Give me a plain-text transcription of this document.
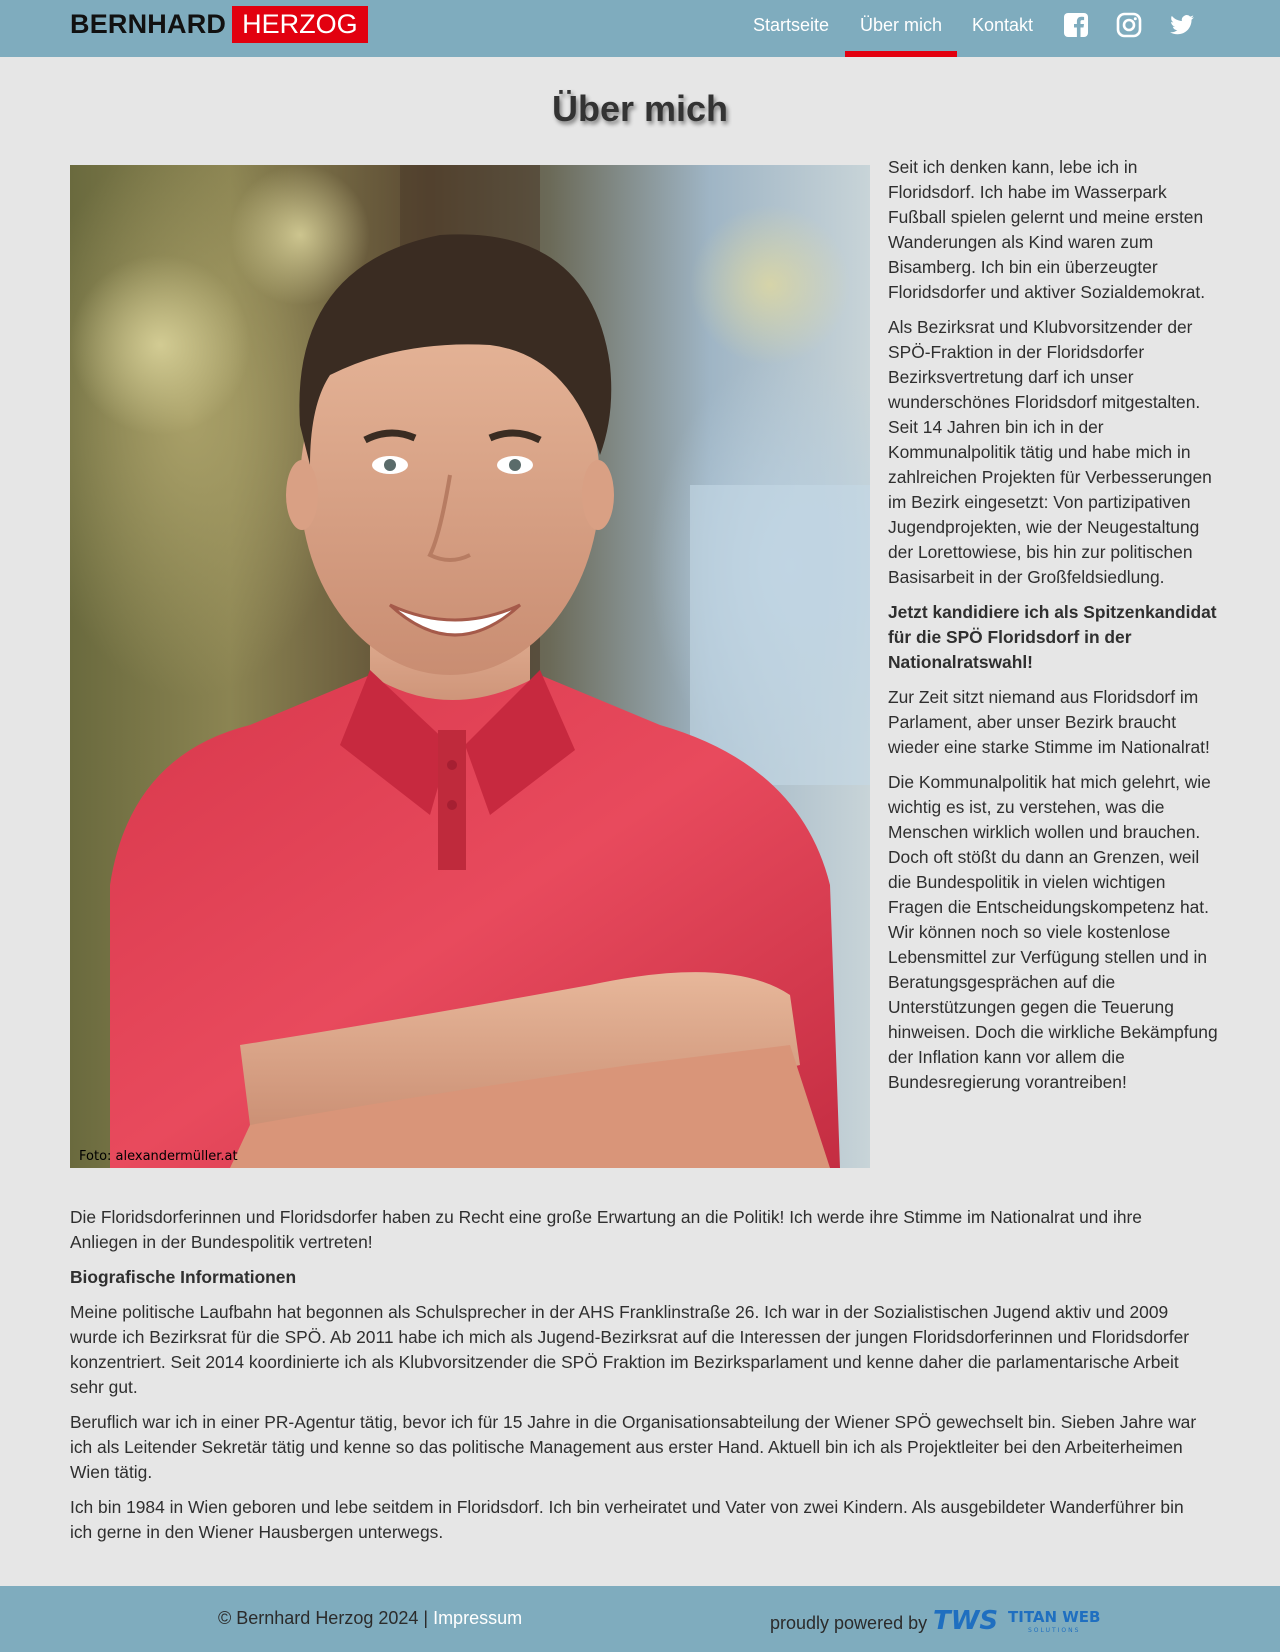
BERNHARD HERZOG	Startseite	Über mich	Kontakt
Über mich
Foto: alexandermüller.at

Seit ich denken kann, lebe ich in Floridsdorf. Ich habe im Wasserpark Fußball spielen gelernt und meine ersten Wanderungen als Kind waren zum Bisamberg. Ich bin ein überzeugter Floridsdorfer und aktiver Sozialdemokrat.

Als Bezirksrat und Klubvorsitzender der SPÖ-Fraktion in der Floridsdorfer Bezirksvertretung darf ich unser wunderschönes Floridsdorf mitgestalten. Seit 14 Jahren bin ich in der Kommunalpolitik tätig und habe mich in zahlreichen Projekten für Verbesserungen im Bezirk eingesetzt: Von partizipativen Jugendprojekten, wie der Neugestaltung der Lorettowiese, bis hin zur politischen Basisarbeit in der Großfeldsiedlung.

Jetzt kandidiere ich als Spitzenkandidat für die SPÖ Floridsdorf in der Nationalratswahl!

Zur Zeit sitzt niemand aus Floridsdorf im Parlament, aber unser Bezirk braucht wieder eine starke Stimme im Nationalrat!

Die Kommunalpolitik hat mich gelehrt, wie wichtig es ist, zu verstehen, was die Menschen wirklich wollen und brauchen. Doch oft stößt du dann an Grenzen, weil die Bundespolitik in vielen wichtigen Fragen die Entscheidungskompetenz hat. Wir können noch so viele kostenlose Lebensmittel zur Verfügung stellen und in Beratungsgesprächen auf die Unterstützungen gegen die Teuerung hinweisen. Doch die wirkliche Bekämpfung der Inflation kann vor allem die Bundesregierung vorantreiben!

Die Floridsdorferinnen und Floridsdorfer haben zu Recht eine große Erwartung an die Politik! Ich werde ihre Stimme im Nationalrat und ihre Anliegen in der Bundespolitik vertreten!

Biografische Informationen

Meine politische Laufbahn hat begonnen als Schulsprecher in der AHS Franklinstraße 26. Ich war in der Sozialistischen Jugend aktiv und 2009 wurde ich Bezirksrat für die SPÖ. Ab 2011 habe ich mich als Jugend-Bezirksrat auf die Interessen der jungen Floridsdorferinnen und Floridsdorfer konzentriert. Seit 2014 koordinierte ich als Klubvorsitzender die SPÖ Fraktion im Bezirksparlament und kenne daher die parlamentarische Arbeit sehr gut.

Beruflich war ich in einer PR-Agentur tätig, bevor ich für 15 Jahre in die Organisationsabteilung der Wiener SPÖ gewechselt bin. Sieben Jahre war ich als Leitender Sekretär tätig und kenne so das politische Management aus erster Hand. Aktuell bin ich als Projektleiter bei den Arbeiterheimen Wien tätig.

Ich bin 1984 in Wien geboren und lebe seitdem in Floridsdorf. Ich bin verheiratet und Vater von zwei Kindern. Als ausgebildeter Wanderführer bin ich gerne in den Wiener Hausbergen unterwegs.

© Bernhard Herzog 2024 | Impressum	proudly powered by TWS TITAN WEB
SOLUTIONS
